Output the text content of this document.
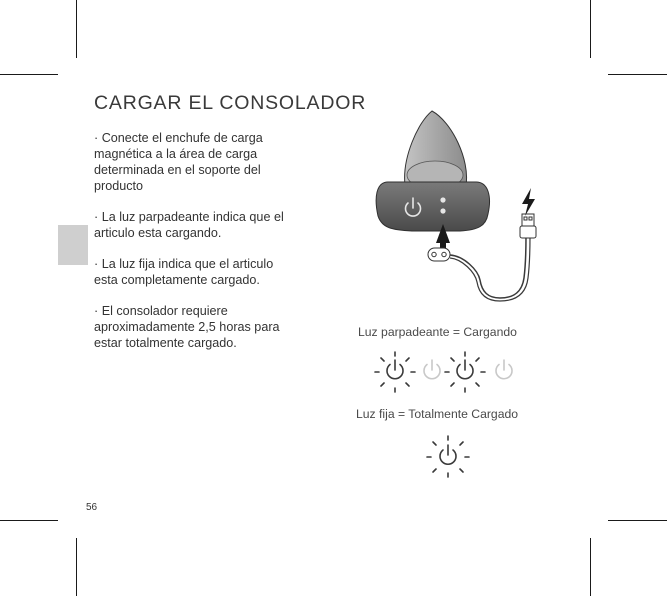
CARGAR EL CONSOLADOR

· Conecte el enchufe de carga magnética a la área de carga determinada en el soporte del producto

· La luz parpadeante indica que el articulo esta cargando.

· La luz fija indica que el articulo esta completamente cargado.

· El consolador requiere aproximadamente 2,5 horas para estar totalmente cargado.

Luz parpadeante = Cargando
Luz fija = Totalmente Cargado
56
